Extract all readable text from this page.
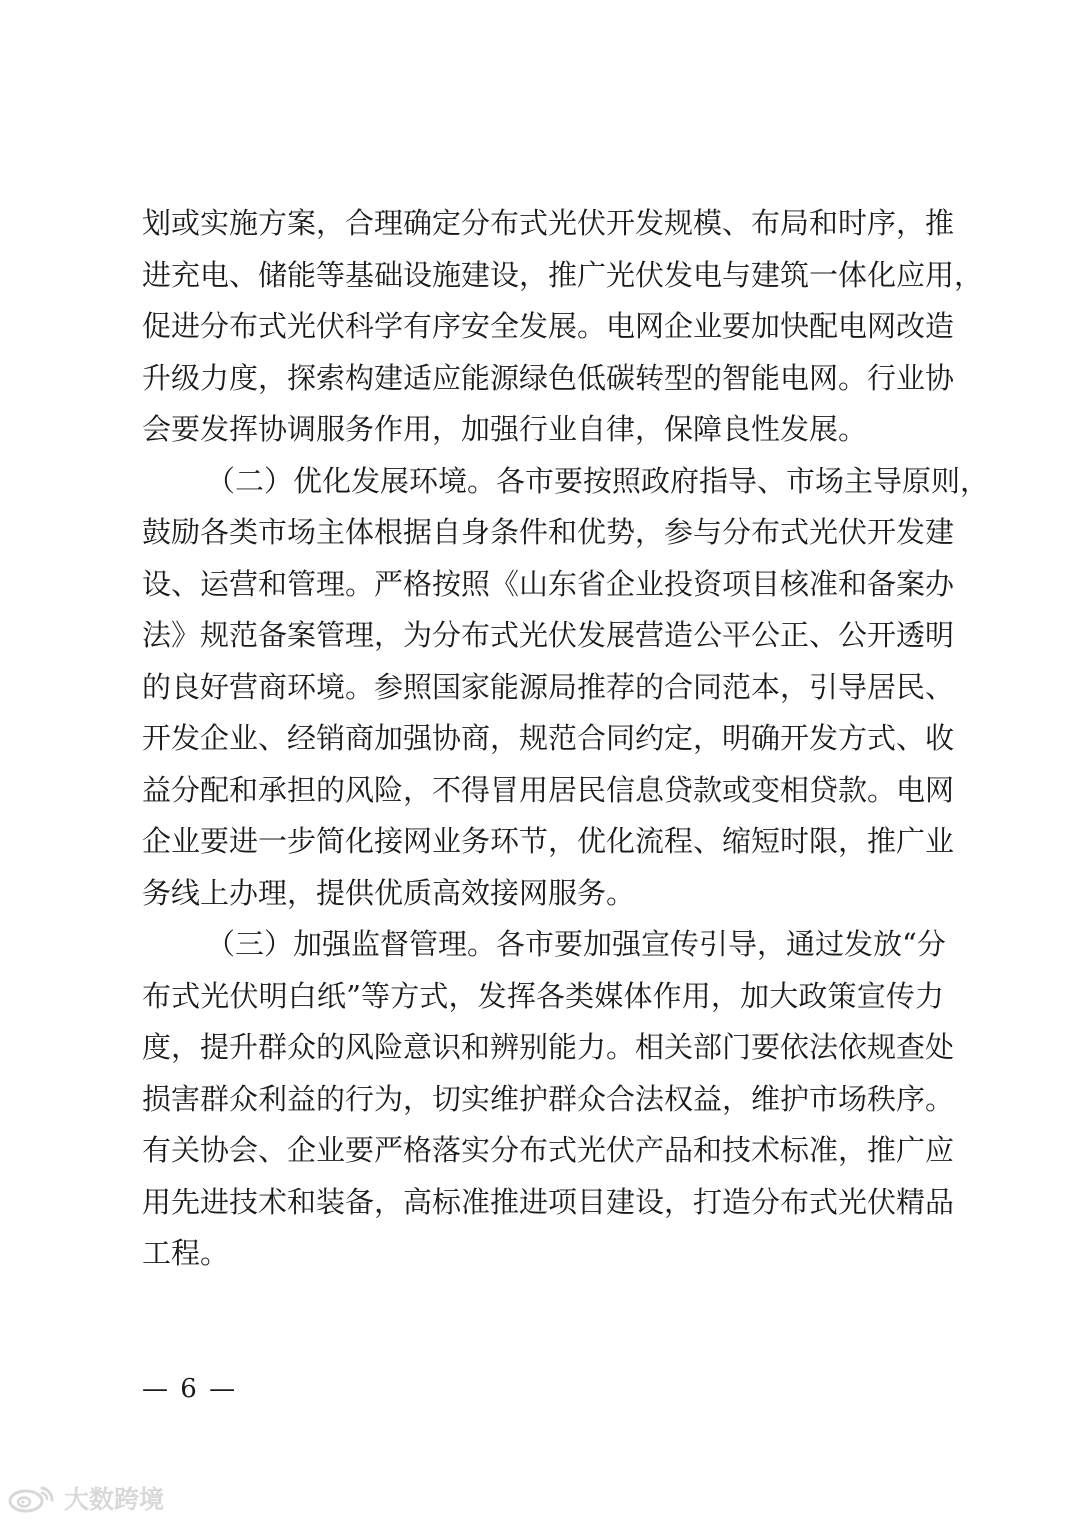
划或实施方案，合理确定分布式光伏开发规模、布局和时序，推
进充电、储能等基础设施建设，推广光伏发电与建筑一体化应用，
促进分布式光伏科学有序安全发展。电网企业要加快配电网改造
升级力度，探索构建适应能源绿色低碳转型的智能电网。行业协
会要发挥协调服务作用，加强行业自律，保障良性发展。
（二）优化发展环境。各市要按照政府指导、市场主导原则，
鼓励各类市场主体根据自身条件和优势，参与分布式光伏开发建
设、运营和管理。严格按照《山东省企业投资项目核准和备案办
法》规范备案管理，为分布式光伏发展营造公平公正、公开透明
的良好营商环境。参照国家能源局推荐的合同范本，引导居民、
开发企业、经销商加强协商，规范合同约定，明确开发方式、收
益分配和承担的风险，不得冒用居民信息贷款或变相贷款。电网
企业要进一步简化接网业务环节，优化流程、缩短时限，推广业
务线上办理，提供优质高效接网服务。
（三）加强监督管理。各市要加强宣传引导，通过发放“分
布式光伏明白纸”等方式，发挥各类媒体作用，加大政策宣传力
度，提升群众的风险意识和辨别能力。相关部门要依法依规查处
损害群众利益的行为，切实维护群众合法权益，维护市场秩序。
有关协会、企业要严格落实分布式光伏产品和技术标准，推广应
用先进技术和装备，高标准推进项目建设，打造分布式光伏精品
工程。
— 6 —
大数跨境
